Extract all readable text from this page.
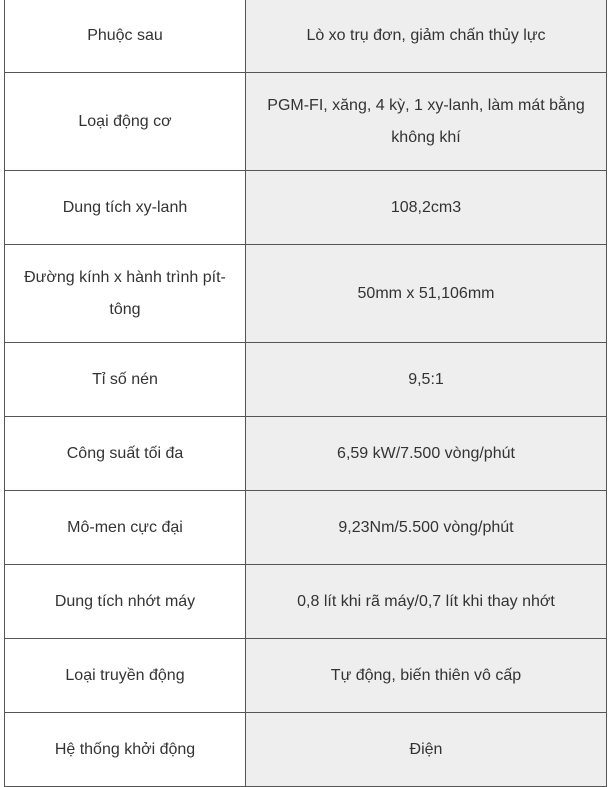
Phuộc sau	Lò xo trụ đơn, giảm chấn thủy lực
Loại động cơ	PGM-FI, xăng, 4 kỳ, 1 xy-lanh, làm mát bằng không khí
Dung tích xy-lanh	108,2cm3
Đường kính x hành trình pít-tông	50mm x 51,106mm
Tỉ số nén	9,5:1
Công suất tối đa	6,59 kW/7.500 vòng/phút
Mô-men cực đại	9,23Nm/5.500 vòng/phút
Dung tích nhớt máy	0,8 lít khi rã máy/0,7 lít khi thay nhớt
Loại truyền động	Tự động, biến thiên vô cấp
Hệ thống khởi động	Điện
